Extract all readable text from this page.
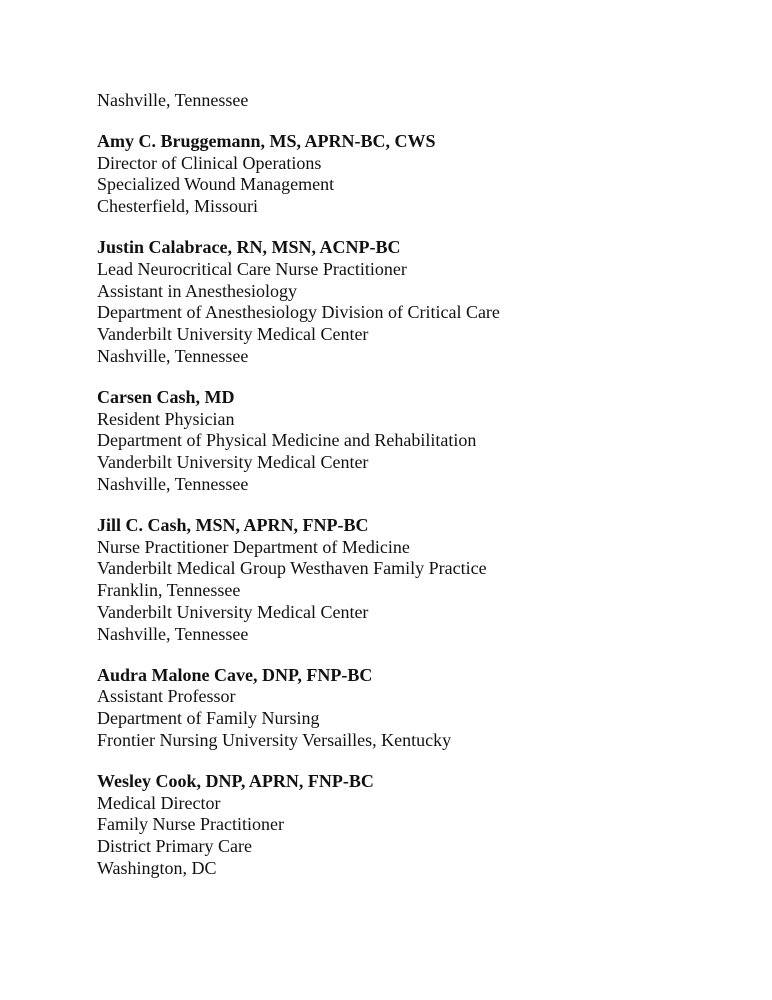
Nashville, Tennessee
Amy C. Bruggemann, MS, APRN-BC, CWS
Director of Clinical Operations
Specialized Wound Management
Chesterfield, Missouri
Justin Calabrace, RN, MSN, ACNP-BC
Lead Neurocritical Care Nurse Practitioner
Assistant in Anesthesiology
Department of Anesthesiology Division of Critical Care
Vanderbilt University Medical Center
Nashville, Tennessee
Carsen Cash, MD
Resident Physician
Department of Physical Medicine and Rehabilitation
Vanderbilt University Medical Center
Nashville, Tennessee
Jill C. Cash, MSN, APRN, FNP-BC
Nurse Practitioner Department of Medicine
Vanderbilt Medical Group Westhaven Family Practice
Franklin, Tennessee
Vanderbilt University Medical Center
Nashville, Tennessee
Audra Malone Cave, DNP, FNP-BC
Assistant Professor
Department of Family Nursing
Frontier Nursing University Versailles, Kentucky
Wesley Cook, DNP, APRN, FNP-BC
Medical Director
Family Nurse Practitioner
District Primary Care
Washington, DC
